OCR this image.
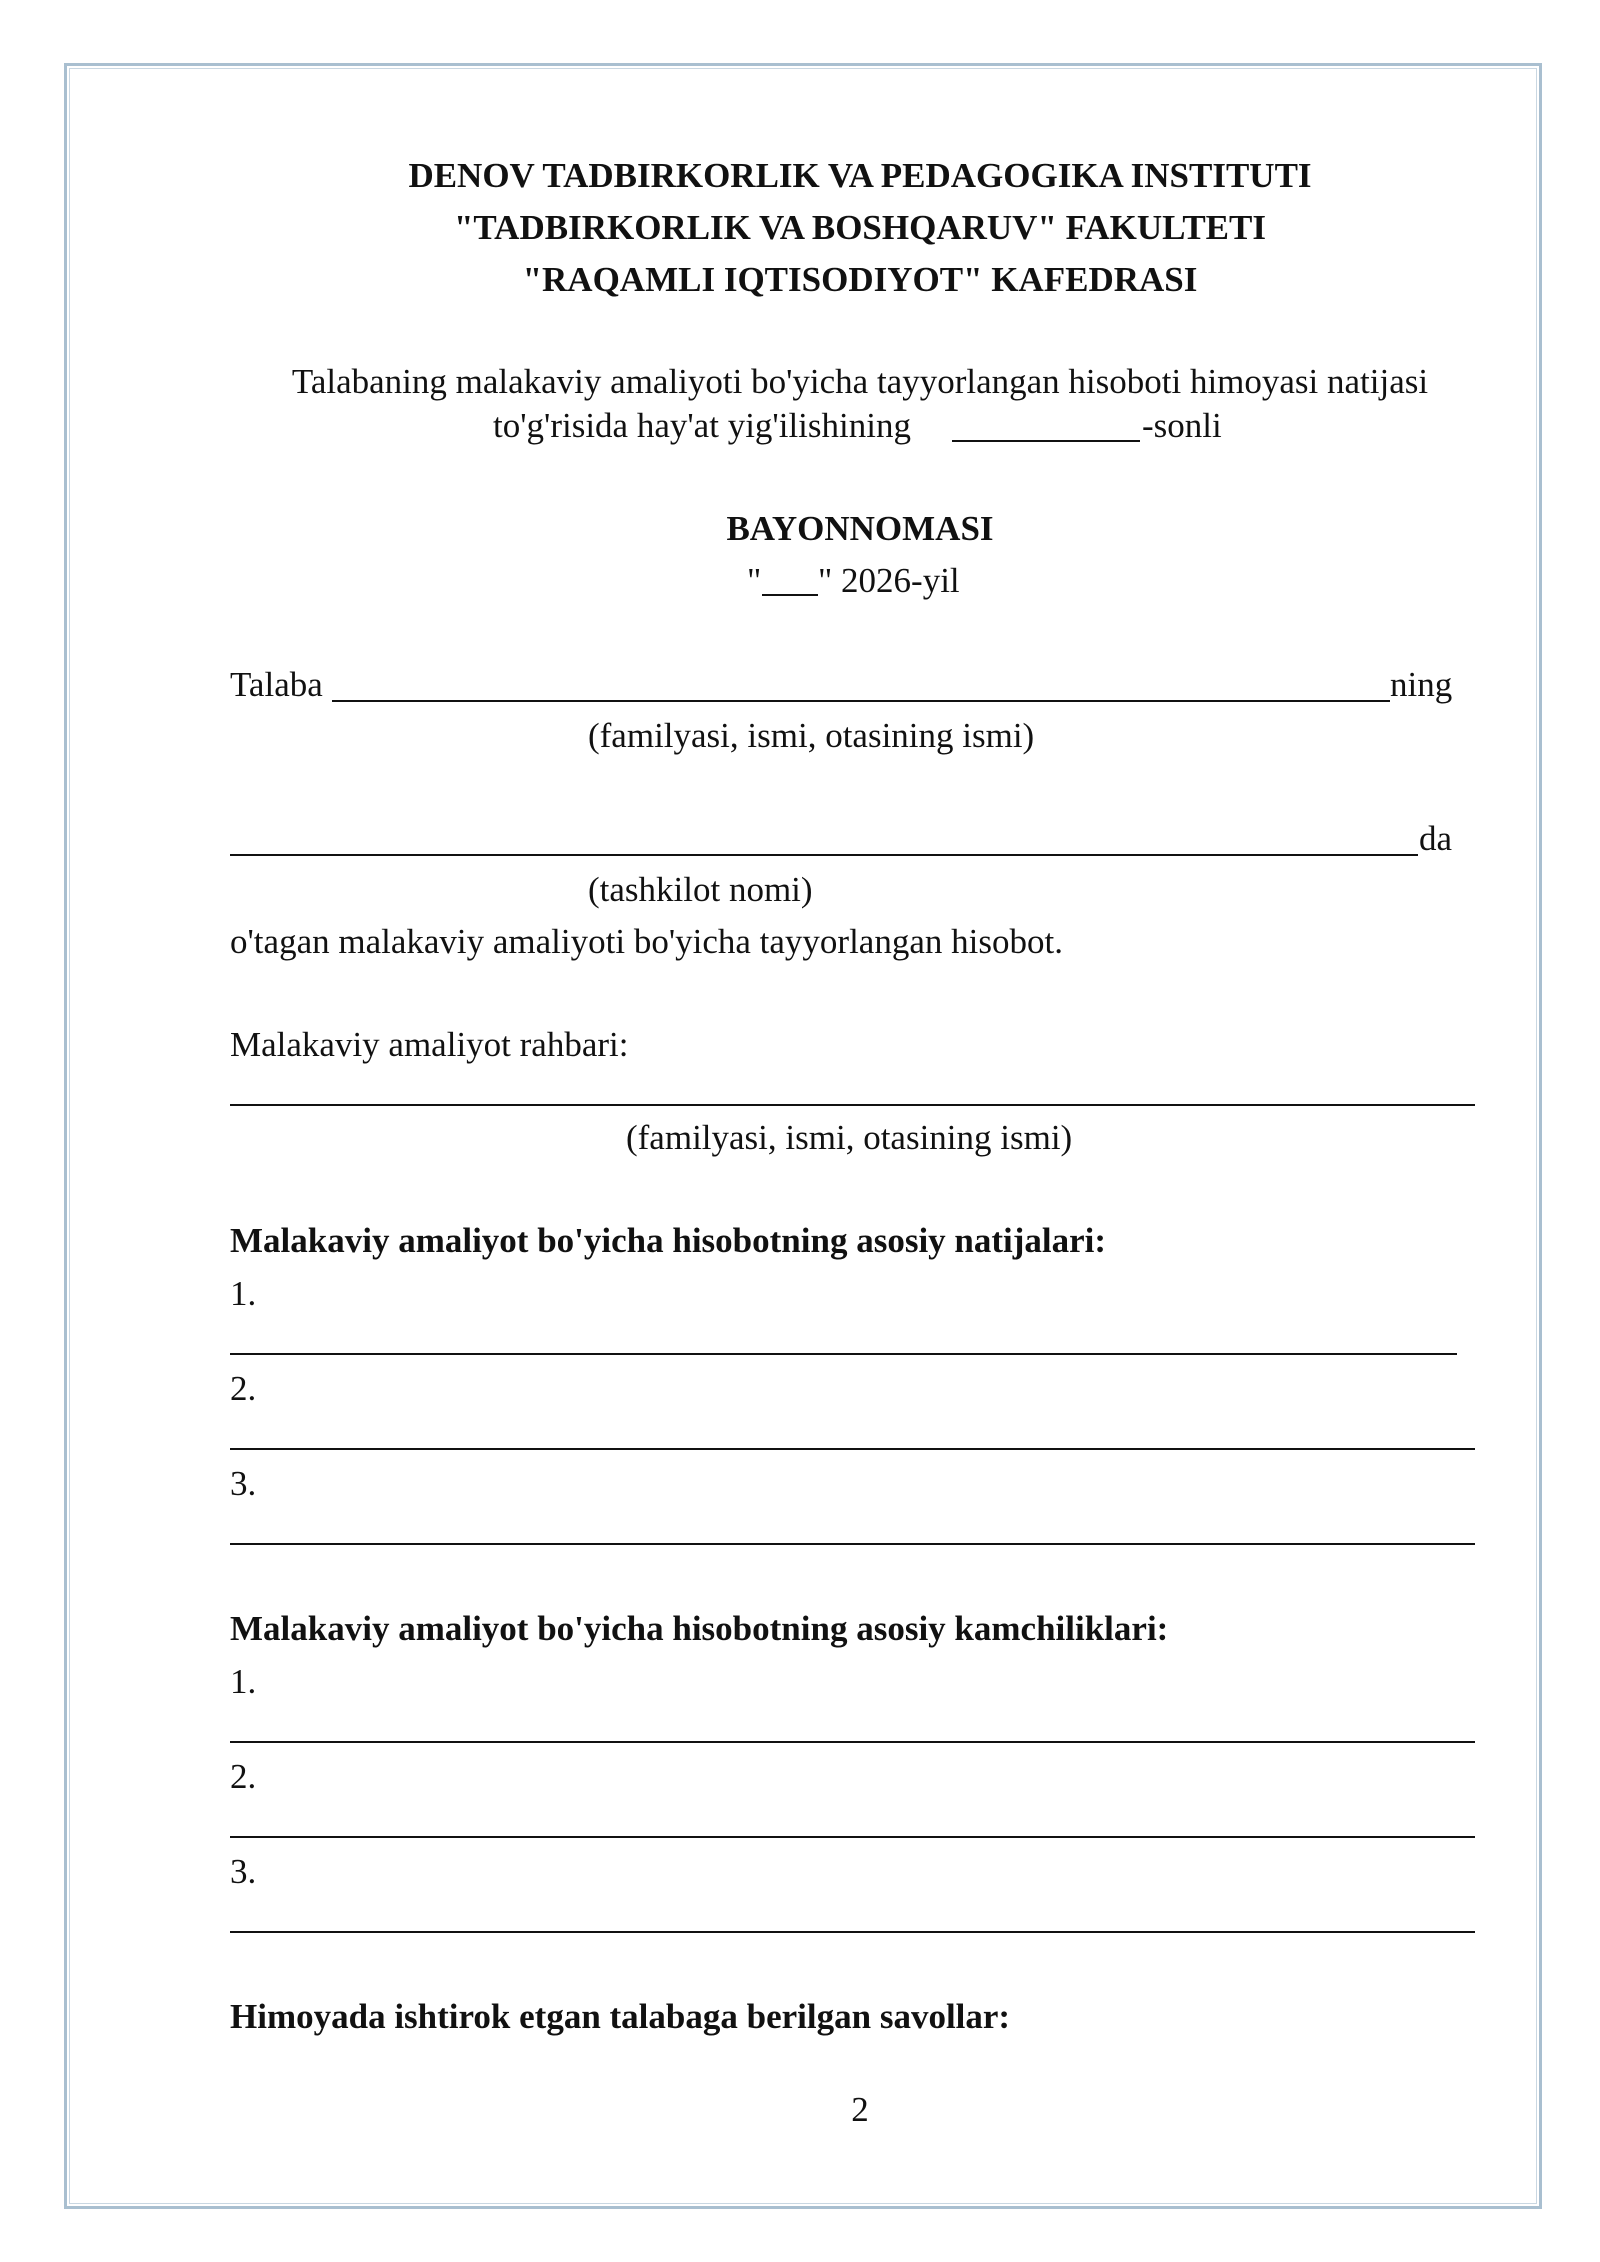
DENOV TADBIRKORLIK VA PEDAGOGIKA INSTITUTI
"TADBIRKORLIK VA BOSHQARUV" FAKULTETI
"RAQAMLI IQTISODIYOT" KAFEDRASI
Talabaning malakaviy amaliyoti bo'yicha tayyorlangan hisoboti himoyasi natijasi
to'g'risida hay'at yig'ilishining	-sonli
BAYONNOMASI
" " 2026-yil
Talaba	ning
(familyasi, ismi, otasining ismi)
da
(tashkilot nomi)
o'tagan malakaviy amaliyoti bo'yicha tayyorlangan hisobot.
Malakaviy amaliyot rahbari:
(familyasi, ismi, otasining ismi)
Malakaviy amaliyot bo'yicha hisobotning asosiy natijalari:
1.
2.
3.
Malakaviy amaliyot bo'yicha hisobotning asosiy kamchiliklari:
1.
2.
3.
Himoyada ishtirok etgan talabaga berilgan savollar:
2
